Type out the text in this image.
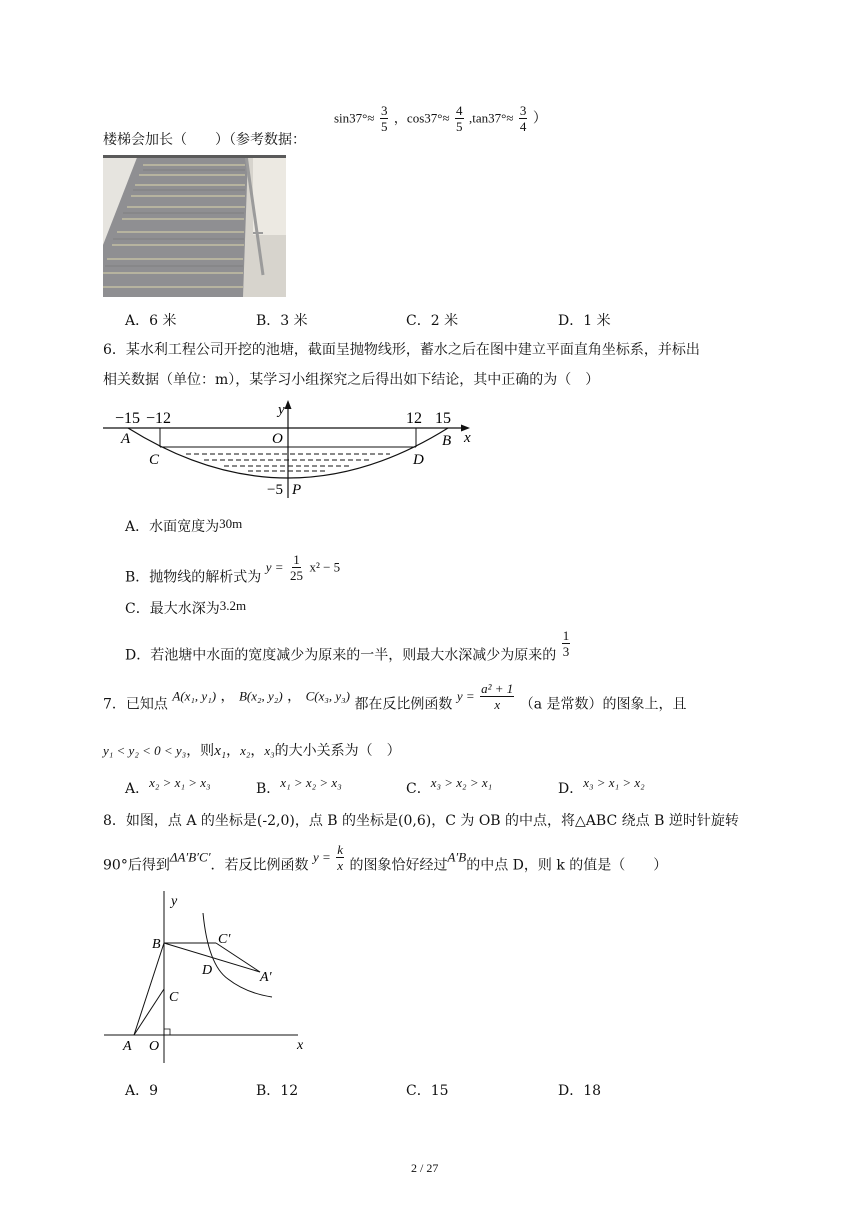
楼梯会加长（　　）（参考数据：
$\sin 37^\circ\approx \frac{3}{5}$ ，$\cos 37^\circ\approx \frac{4}{5} ,\tan 37^\circ\approx \frac{3}{4}$ ）
A．6 米	B．3 米	C．2 米	D．1 米
6．某水利工程公司开挖的池塘，截面呈抛物线形，蓄水之后在图中建立平面直角坐标系，并标出
相关数据（单位：m），某学习小组探究之后得出如下结论，其中正确的为（　）
−15 −12	12 15
y
x
O
A	B
C	D
−5 P
A．水面宽度为30m
B．抛物线的解析式为 $y = \frac{1}{25} x^2 - 5$
C．最大水深为3.2m
D．若池塘中水面的宽度减少为原来的一半，则最大水深减少为原来的 $\frac{1}{3}$
7．已知点 A(x₁, y₁) ， B(x₂, y₂) ， C(x₃, y₃) 都在反比例函数 $y = \frac{\text{a² + 1}}{x} (a$ 是常数）的图象上，且
y₁ < y₂ < 0 < y₃，则x₁，x₂，x₃的大小关系为（　）
A．x₂ > x₁ > x₃	B．x₁ > x₂ > x₃	C．x₃ > x₂ > x₁	D．x₃ > x₁ > x₂
8．如图，点 A 的坐标是(-2,0)，点 B 的坐标是(0,6)，C 为 OB 的中点，将△ABC 绕点 B 逆时针旋转
90°后得到ΔA′B′C′．若反比例函数 $y = \frac{k}{x}$ 的图象恰好经过A′B的中点 D，则 k 的值是（　　）
y
x
B
C
C′
D	A′
A O
A．9	B．12	C．15	D．18
2 / 27
